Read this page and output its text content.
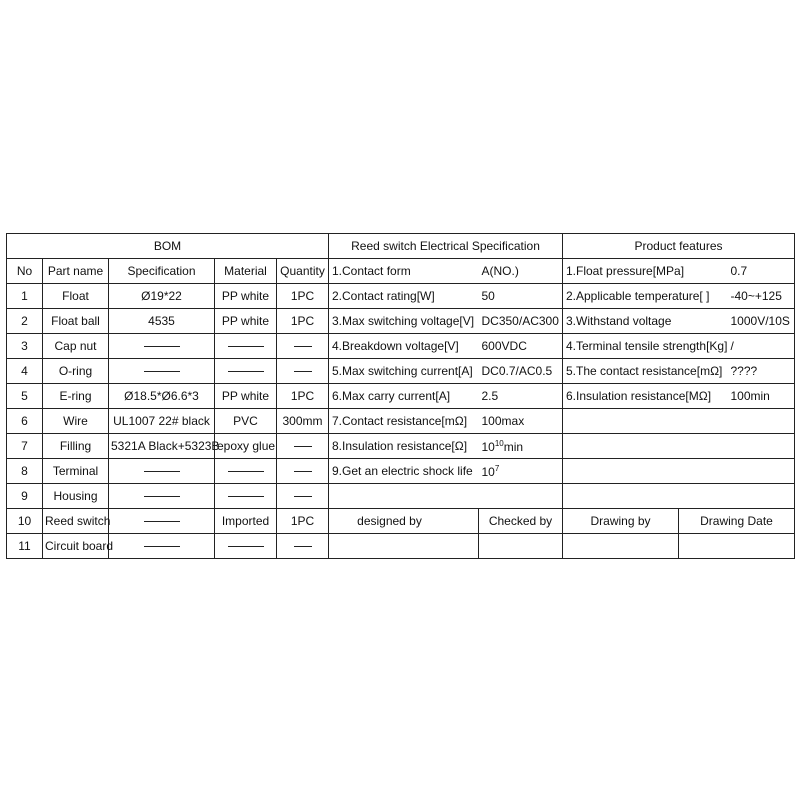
BOM					Reed switch Electrical Specification		Product features	
No	Part name	Specification	Material	Quantity	1.Contact form	A(NO.)	1.Float pressure[MPa]	0.7
1	Float	Ø19*22	PP white	1PC	2.Contact rating[W]	50	2.Applicable temperature[ ]	-40~+125
2	Float ball	4535	PP white	1PC	3.Max switching voltage[V]	DC350/AC300	3.Withstand voltage	1000V/10S
3	Cap nut				4.Breakdown voltage[V]	600VDC	4.Terminal tensile strength[Kg]	/
4	O-ring				5.Max switching current[A]	DC0.7/AC0.5	5.The contact resistance[mΩ]	????
5	E-ring	Ø18.5*Ø6.6*3	PP white	1PC	6.Max carry current[A]	2.5	6.Insulation resistance[MΩ]	100min
6	Wire	UL1007 22# black	PVC	300mm	7.Contact resistance[mΩ]	100max		
7	Filling	5321A Black+5323B	epoxy glue		8.Insulation resistance[Ω]	$10^{10}\min$		
8	Terminal				9.Get an electric shock life	$10^7$	
9	Housing							
10	Reed switch		Imported	1PC	designed by	Checked by	Drawing by	Drawing Date
11	Circuit board							
